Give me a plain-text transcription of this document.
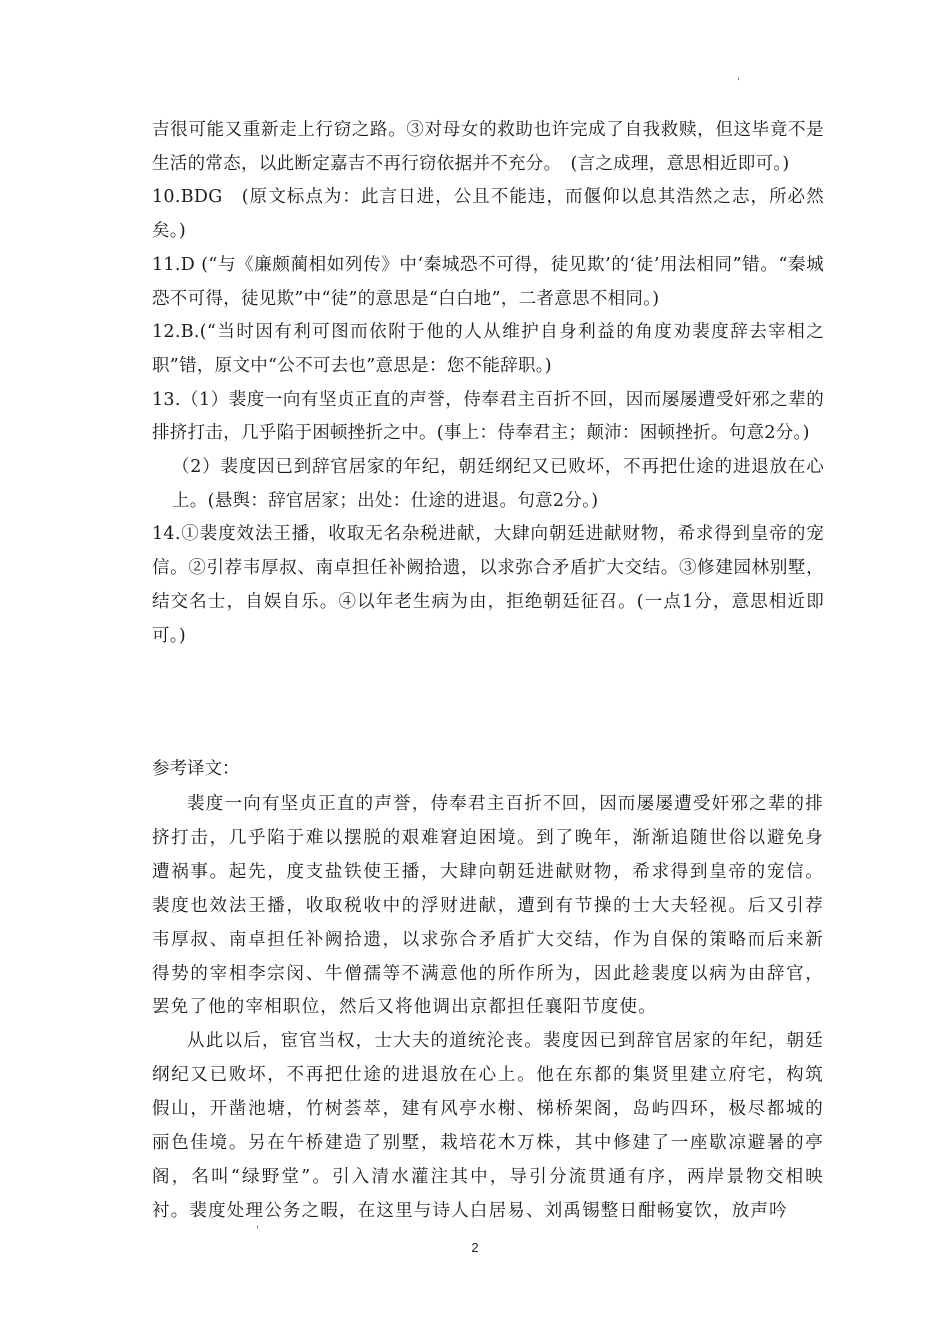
'

吉很可能又重新走上行窃之路。③对母女的救助也许完成了自我救赎，但这毕竟不是生活的常态，以此断定嘉吉不再行窃依据并不充分。　(言之成理，意思相近即可。)

10.BDG　(原文标点为：此言日进，公且不能违，而偃仰以息其浩然之志，所必然矣。)

11.D (“与《廉颇蔺相如列传》中‘秦城恐不可得，徒见欺’的‘徒’用法相同”错。“秦城恐不可得，徒见欺”中“徒”的意思是“白白地”，二者意思不相同。)

12.B.(“当时因有利可图而依附于他的人从维护自身利益的角度劝裴度辞去宰相之职”错，原文中“公不可去也”意思是：您不能辞职。)

13.（1）裴度一向有坚贞正直的声誉，侍奉君主百折不回，因而屡屡遭受奸邪之辈的排挤打击，几乎陷于困顿挫折之中。(事上：侍奉君主；颠沛：困顿挫折。句意2分。)

（2）裴度因已到辞官居家的年纪，朝廷纲纪又已败坏，不再把仕途的进退放在心上。(悬舆：辞官居家；出处：仕途的进退。句意2分。)

14.①裴度效法王播，收取无名杂税进献，大肆向朝廷进献财物，希求得到皇帝的宠信。②引荐韦厚叔、南卓担任补阙拾遗，以求弥合矛盾扩大交结。③修建园林别墅，结交名士，自娱自乐。④以年老生病为由，拒绝朝廷征召。(一点1分，意思相近即可。)

参考译文：

裴度一向有坚贞正直的声誉，侍奉君主百折不回，因而屡屡遭受奸邪之辈的排挤打击，几乎陷于难以摆脱的艰难窘迫困境。到了晚年，渐渐追随世俗以避免身遭祸事。起先，度支盐铁使王播，大肆向朝廷进献财物，希求得到皇帝的宠信。裴度也效法王播，收取税收中的浮财进献，遭到有节操的士大夫轻视。后又引荐韦厚叔、南卓担任补阙拾遗，以求弥合矛盾扩大交结，作为自保的策略而后来新得势的宰相李宗闵、牛僧孺等不满意他的所作所为，因此趁裴度以病为由辞官，罢免了他的宰相职位，然后又将他调出京都担任襄阳节度使。

从此以后，宦官当权，士大夫的道统沦丧。裴度因已到辞官居家的年纪，朝廷纲纪又已败坏，不再把仕途的进退放在心上。他在东都的集贤里建立府宅，构筑假山，开凿池塘，竹树荟萃，建有风亭水榭、梯桥架阁，岛屿四环，极尽都城的丽色佳境。另在午桥建造了别墅，栽培花木万株，其中修建了一座歇凉避暑的亭阁，名叫“绿野堂”。引入清水灌注其中，导引分流贯通有序，两岸景物交相映衬。裴度处理公务之暇，在这里与诗人白居易、刘禹锡整日酣畅宴饮，放声吟

'
2
